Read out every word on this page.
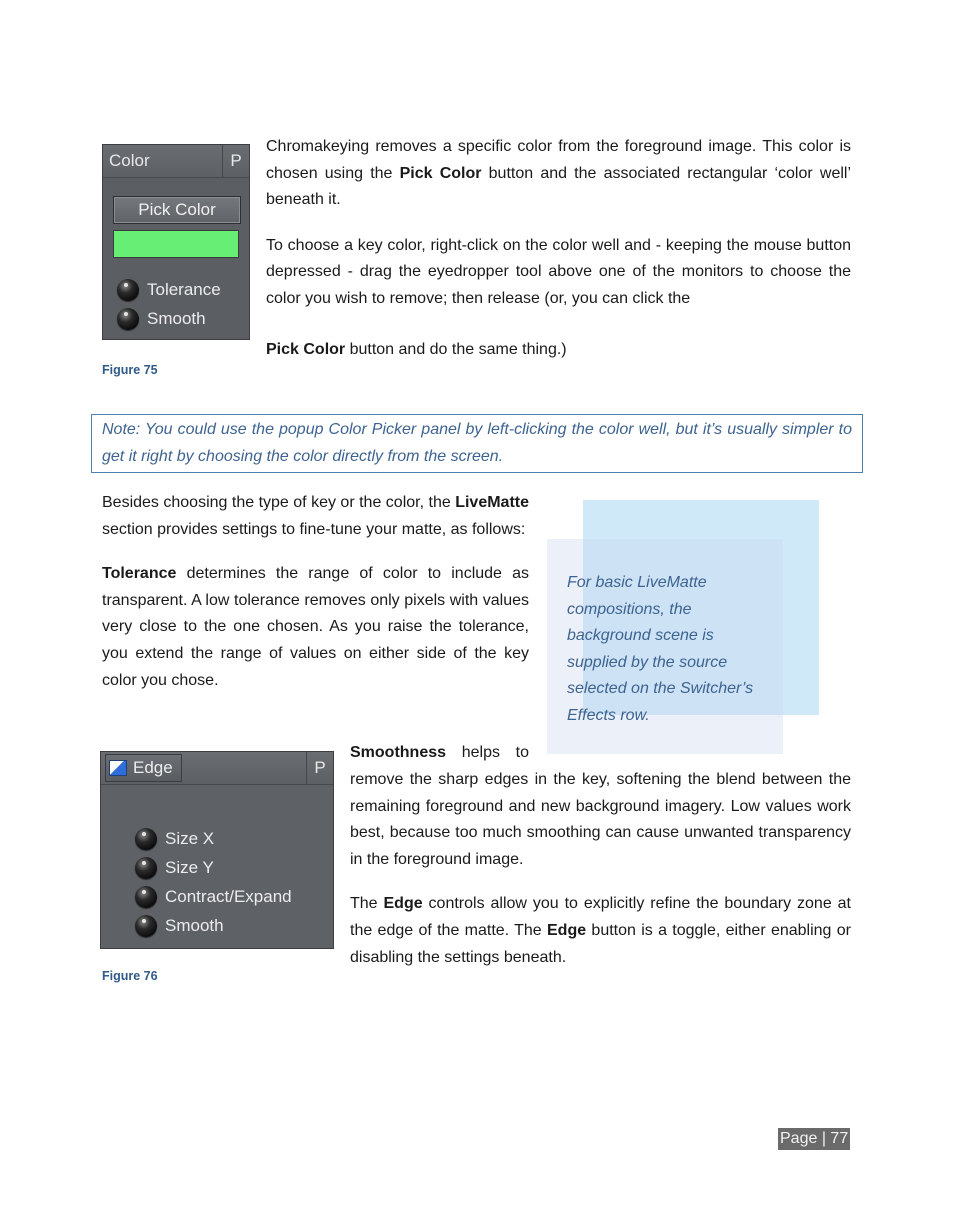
Color	P
Pick Color
Tolerance
Smooth
Figure 75

Chromakeying removes a specific color from the foreground image. This color is chosen using the Pick Color button and the associated rectangular ‘color well’ beneath it.

To choose a key color, right-click on the color well and - keeping the mouse button depressed - drag the eyedropper tool above one of the monitors to choose the color you wish to remove; then release (or, you can click the

Pick Color button and do the same thing.)

Note: You could use the popup Color Picker panel by left-clicking the color well, but it’s usually simpler to get it right by choosing the color directly from the screen.

Besides choosing the type of key or the color, the LiveMatte section provides settings to fine-tune your matte, as follows:

Tolerance determines the range of color to include as transparent. A low tolerance removes only pixels with values very close to the one chosen. As you raise the tolerance, you extend the range of values on either side of the key color you chose.

For basic LiveMatte compositions, the background scene is supplied by the source selected on the Switcher’s Effects row.

Edge	P
Size X
Size Y
Contract/Expand
Smooth
Figure 76

Smoothness helps to

remove the sharp edges in the key, softening the blend between the remaining foreground and new background imagery. Low values work best, because too much smoothing can cause unwanted transparency in the foreground image.

The Edge controls allow you to explicitly refine the boundary zone at the edge of the matte. The Edge button is a toggle, either enabling or disabling the settings beneath.

Page | 77
